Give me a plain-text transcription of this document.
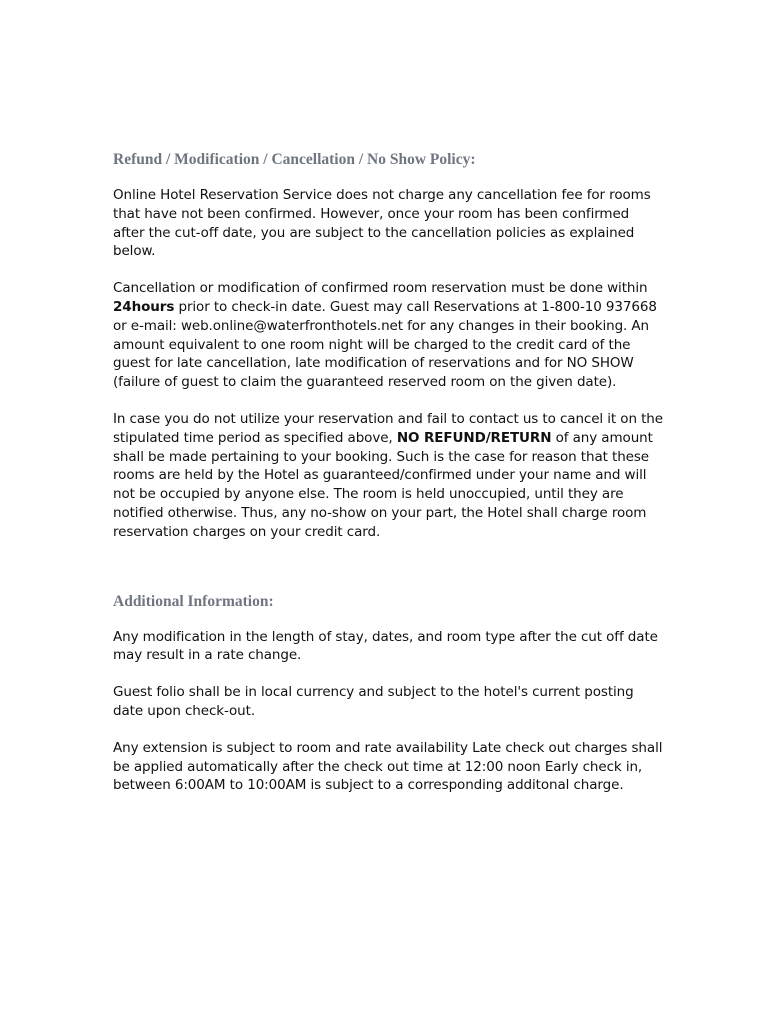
Refund / Modification / Cancellation / No Show Policy:

Online Hotel Reservation Service does not charge any cancellation fee for rooms that have not been confirmed. However, once your room has been confirmed after the cut-off date, you are subject to the cancellation policies as explained below.

Cancellation or modification of confirmed room reservation must be done within 24hours prior to check-in date. Guest may call Reservations at 1-800-10 937668 or e-mail: web.online@waterfronthotels.net for any changes in their booking. An amount equivalent to one room night will be charged to the credit card of the guest for late cancellation, late modification of reservations and for NO SHOW (failure of guest to claim the guaranteed reserved room on the given date).

In case you do not utilize your reservation and fail to contact us to cancel it on the stipulated time period as specified above, NO REFUND/RETURN of any amount shall be made pertaining to your booking. Such is the case for reason that these rooms are held by the Hotel as guaranteed/confirmed under your name and will not be occupied by anyone else. The room is held unoccupied, until they are notified otherwise. Thus, any no-show on your part, the Hotel shall charge room reservation charges on your credit card.

Additional Information:

Any modification in the length of stay, dates, and room type after the cut off date may result in a rate change.

Guest folio shall be in local currency and subject to the hotel's current posting date upon check-out.

Any extension is subject to room and rate availability Late check out charges shall be applied automatically after the check out time at 12:00 noon Early check in, between 6:00AM to 10:00AM is subject to a corresponding additonal charge.
